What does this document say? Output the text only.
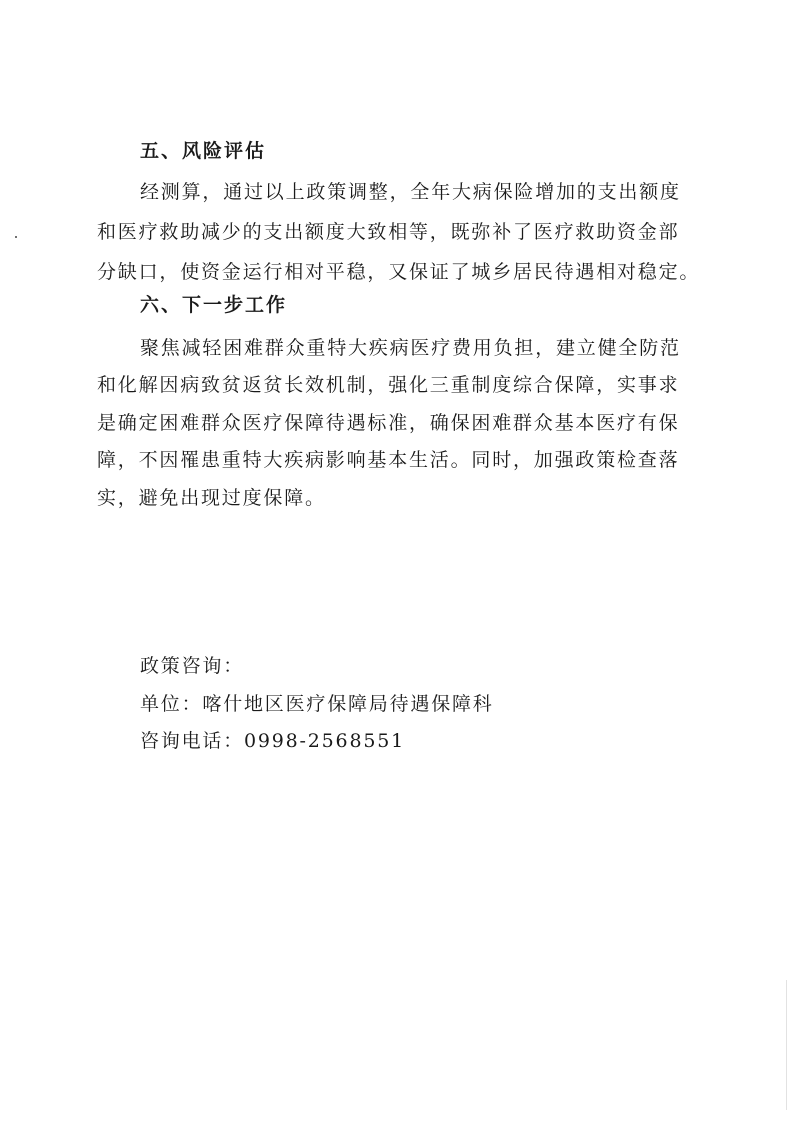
五、风险评估
经测算，通过以上政策调整，全年大病保险增加的支出额度
和医疗救助减少的支出额度大致相等，既弥补了医疗救助资金部
分缺口，使资金运行相对平稳，又保证了城乡居民待遇相对稳定。
六、下一步工作
聚焦减轻困难群众重特大疾病医疗费用负担，建立健全防范
和化解因病致贫返贫长效机制，强化三重制度综合保障，实事求
是确定困难群众医疗保障待遇标准，确保困难群众基本医疗有保
障，不因罹患重特大疾病影响基本生活。同时，加强政策检查落
实，避免出现过度保障。
政策咨询：
单位：喀什地区医疗保障局待遇保障科
咨询电话：0998-2568551
